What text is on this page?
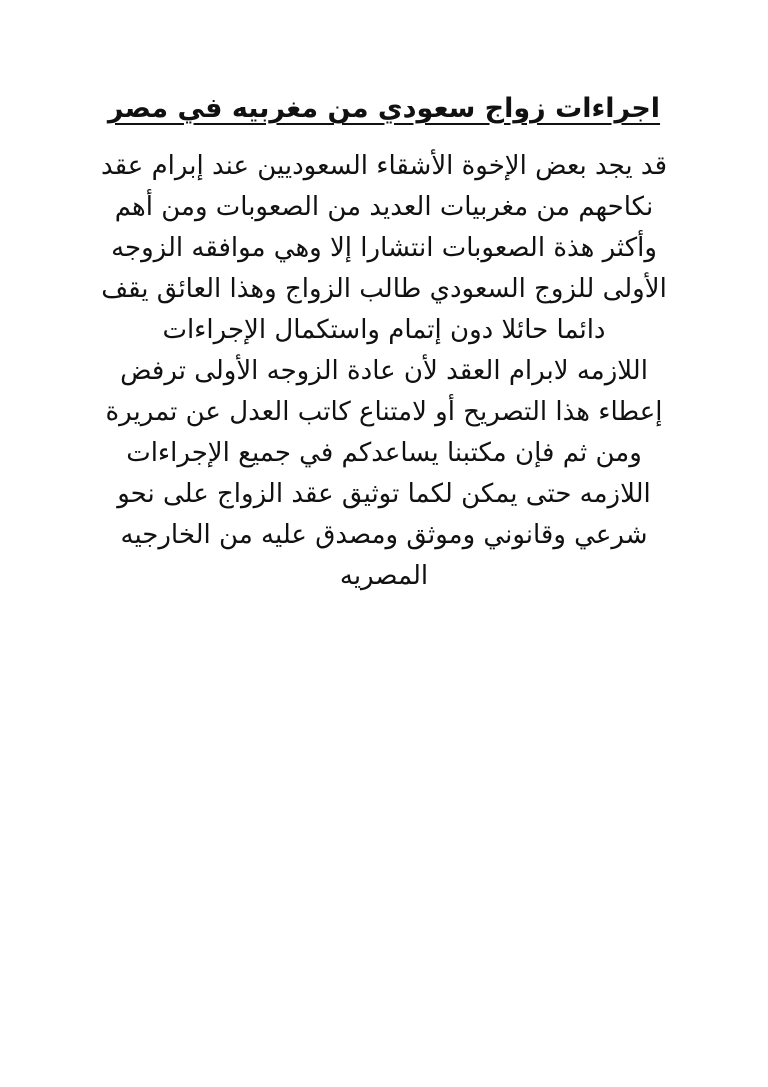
اجراءات زواج سعودي من مغربيه في مصر
قد يجد بعض الإخوة الأشقاء السعوديين عند إبرام عقد
نكاحهم من مغربيات العديد من الصعوبات ومن أهم
وأكثر هذة الصعوبات انتشارا إلا وهي موافقه الزوجه
الأولى للزوج السعودي طالب الزواج وهذا العائق يقف
دائما حائلا دون إتمام واستكمال الإجراءات
اللازمه لابرام العقد لأن عادة الزوجه الأولى ترفض
إعطاء هذا التصريح أو لامتناع كاتب العدل عن تمريرة
ومن ثم فإن مكتبنا يساعدكم في جميع الإجراءات
اللازمه حتى يمكن لكما توثيق عقد الزواج على نحو
شرعي وقانوني وموثق ومصدق عليه من الخارجيه
المصريه
